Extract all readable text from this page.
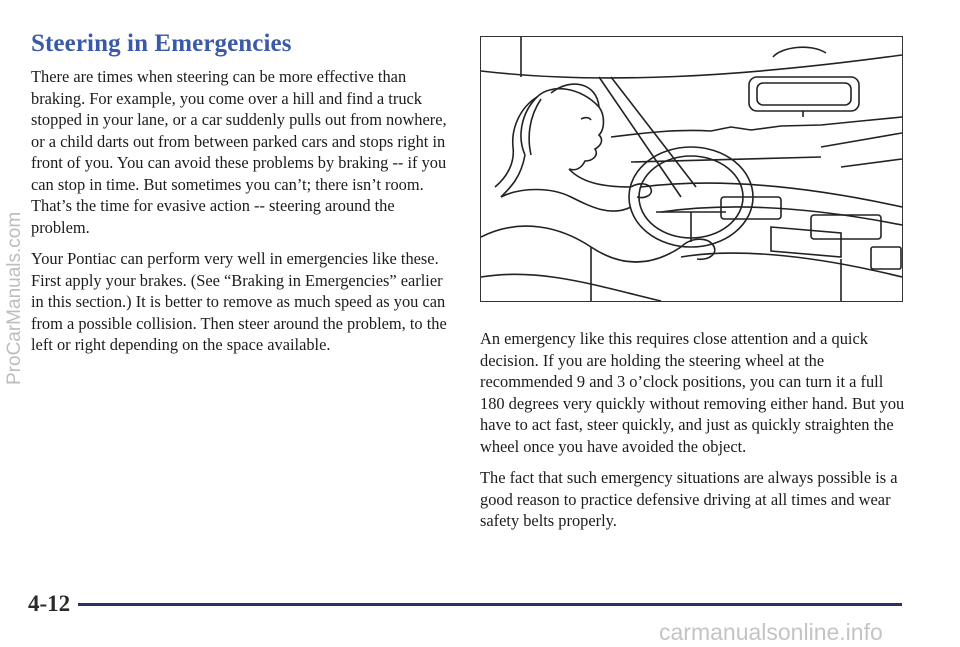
Steering in Emergencies

There are times when steering can be more effective than braking. For example, you come over a hill and find a truck stopped in your lane, or a car suddenly pulls out from nowhere, or a child darts out from between parked cars and stops right in front of you. You can avoid these problems by braking -- if you can stop in time. But sometimes you can’t; there isn’t room. That’s the time for evasive action -- steering around the problem.

Your Pontiac can perform very well in emergencies like these. First apply your brakes. (See “Braking in Emergencies” earlier in this section.) It is better to remove as much speed as you can from a possible collision. Then steer around the problem, to the left or right depending on the space available.	An emergency like this requires close attention and a quick decision. If you are holding the steering wheel at the recommended 9 and 3 o’clock positions, you can turn it a full 180 degrees very quickly without removing either hand. But you have to act fast, steer quickly, and just as quickly straighten the wheel once you have avoided the object.

The fact that such emergency situations are always possible is a good reason to practice defensive driving at all times and wear safety belts properly.

ProCarManuals.com
4-12
carmanualsonline.info
